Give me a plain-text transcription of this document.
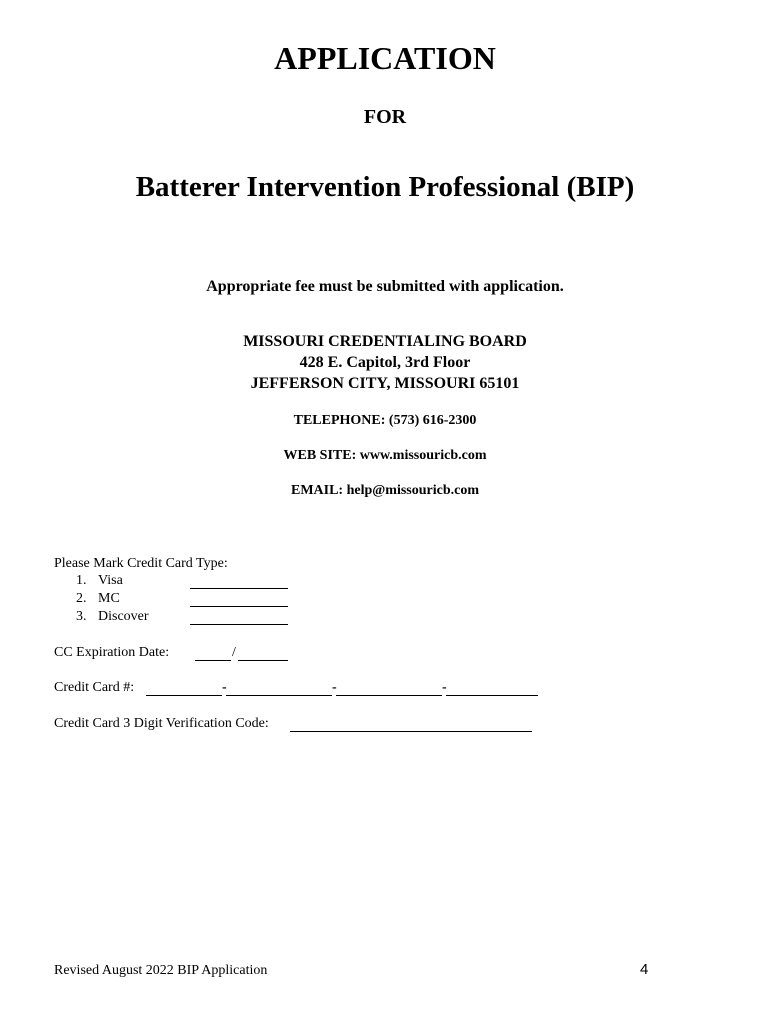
APPLICATION
FOR
Batterer Intervention Professional (BIP)
Appropriate fee must be submitted with application.
MISSOURI CREDENTIALING BOARD
428 E. Capitol, 3rd Floor
JEFFERSON CITY, MISSOURI 65101
TELEPHONE: (573) 616-2300
WEB SITE: www.missouricb.com
EMAIL: help@missouricb.com
Please Mark Credit Card Type:
1. Visa
2. MC
3. Discover
CC Expiration Date:	/
Credit Card #:	-	-	-
Credit Card 3 Digit Verification Code:
Revised August 2022 BIP Application	4
